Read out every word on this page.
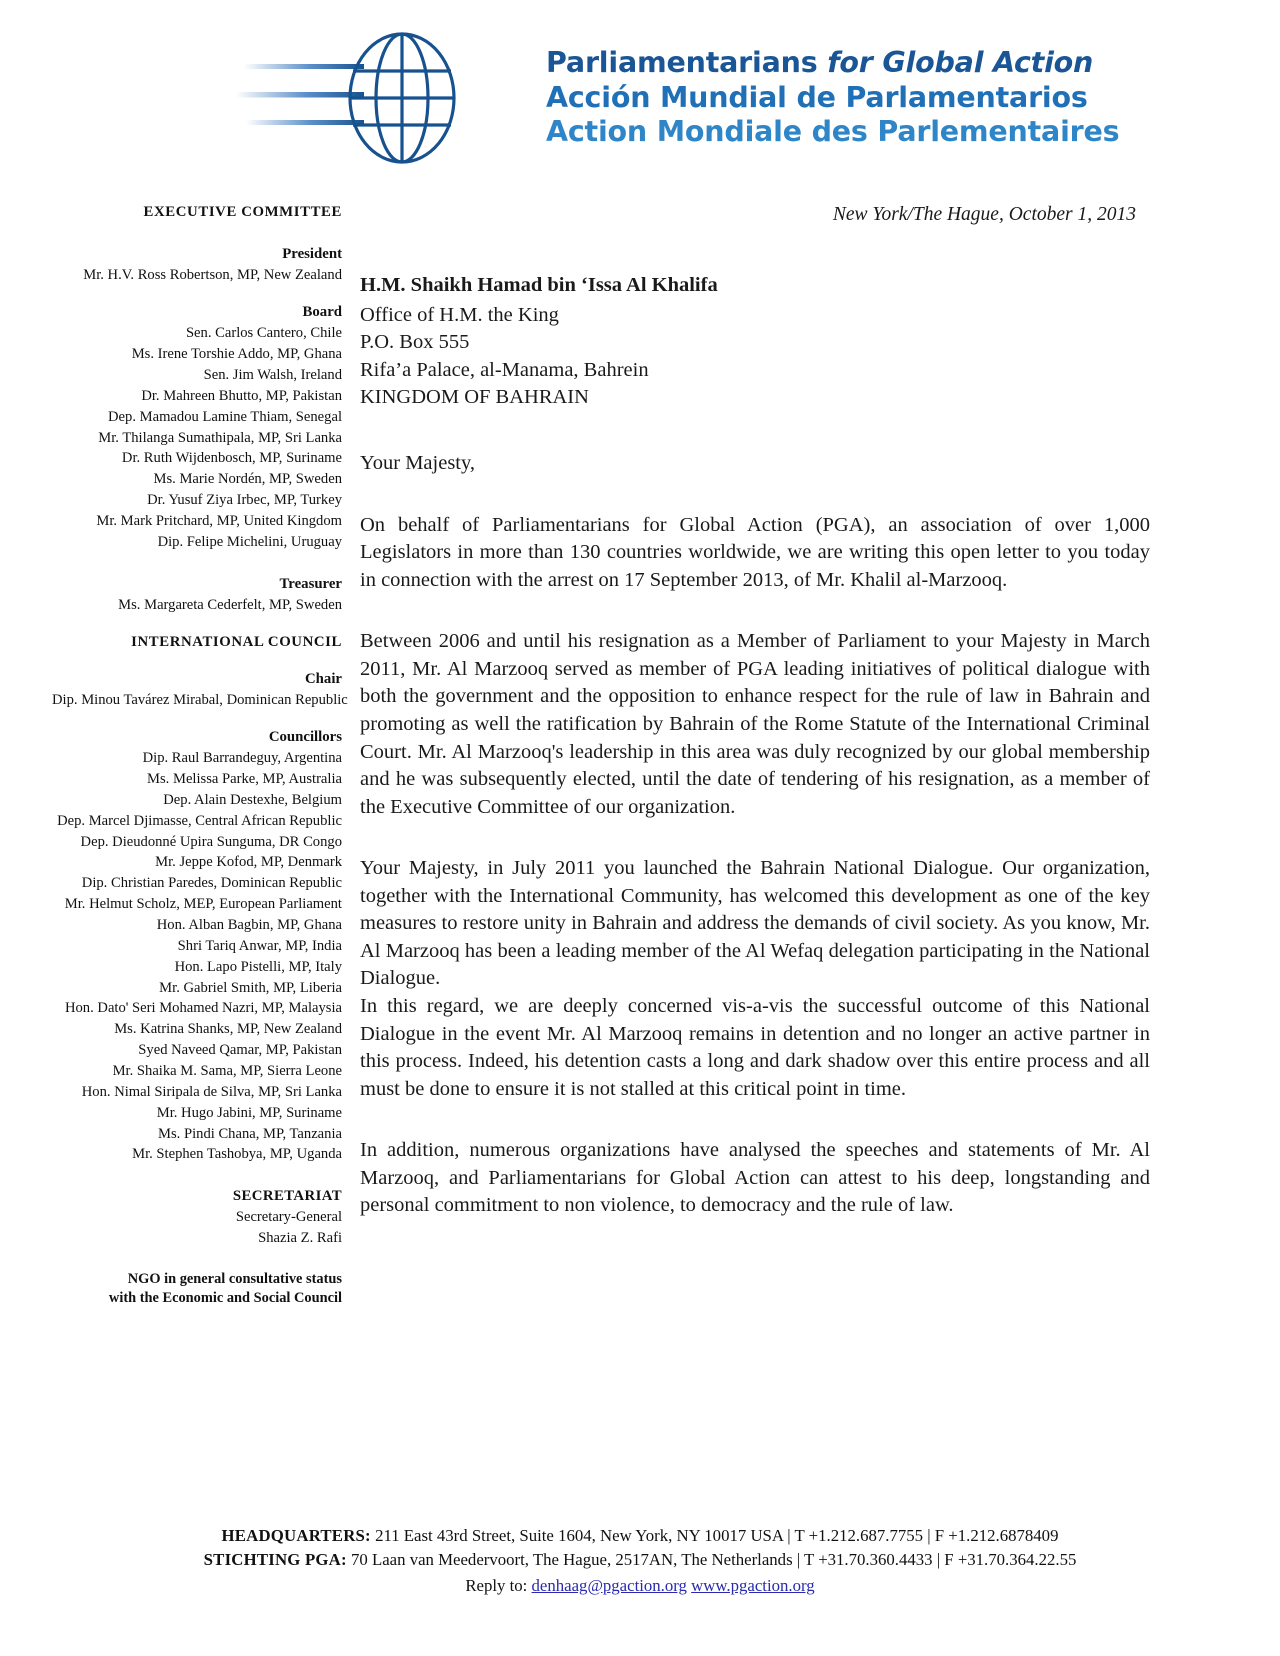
Parliamentarians for Global Action
Acción Mundial de Parlamentarios
Action Mondiale des Parlementaires
EXECUTIVE COMMITTEE
President
Mr. H.V. Ross Robertson, MP, New Zealand
Board
Sen. Carlos Cantero, Chile
Ms. Irene Torshie Addo, MP, Ghana
Sen. Jim Walsh, Ireland
Dr. Mahreen Bhutto, MP, Pakistan
Dep. Mamadou Lamine Thiam, Senegal
Mr. Thilanga Sumathipala, MP, Sri Lanka
Dr. Ruth Wijdenbosch, MP, Suriname
Ms. Marie Nordén, MP, Sweden
Dr. Yusuf Ziya Irbec, MP, Turkey
Mr. Mark Pritchard, MP, United Kingdom
Dip. Felipe Michelini, Uruguay
Treasurer
Ms. Margareta Cederfelt, MP, Sweden
INTERNATIONAL COUNCIL
Chair
Dip. Minou Tavárez Mirabal, Dominican Republic
Councillors
Dip. Raul Barrandeguy, Argentina
Ms. Melissa Parke, MP, Australia
Dep. Alain Destexhe, Belgium
Dep. Marcel Djimasse, Central African Republic
Dep. Dieudonné Upira Sunguma, DR Congo
Mr. Jeppe Kofod, MP, Denmark
Dip. Christian Paredes, Dominican Republic
Mr. Helmut Scholz, MEP, European Parliament
Hon. Alban Bagbin, MP, Ghana
Shri Tariq Anwar, MP, India
Hon. Lapo Pistelli, MP, Italy
Mr. Gabriel Smith, MP, Liberia
Hon. Dato' Seri Mohamed Nazri, MP, Malaysia
Ms. Katrina Shanks, MP, New Zealand
Syed Naveed Qamar, MP, Pakistan
Mr. Shaika M. Sama, MP, Sierra Leone
Hon. Nimal Siripala de Silva, MP, Sri Lanka
Mr. Hugo Jabini, MP, Suriname
Ms. Pindi Chana, MP, Tanzania
Mr. Stephen Tashobya, MP, Uganda
SECRETARIAT
Secretary-General
Shazia Z. Rafi
NGO in general consultative status
with the Economic and Social Council
New York/The Hague, October 1, 2013
H.M. Shaikh Hamad bin ‘Issa Al Khalifa
Office of H.M. the King
P.O. Box 555
Rifa’a Palace, al-Manama, Bahrein
KINGDOM OF BAHRAIN
Your Majesty,
On behalf of Parliamentarians for Global Action (PGA), an association of over 1,000 Legislators in more than 130 countries worldwide, we are writing this open letter to you today in connection with the arrest on 17 September 2013, of Mr. Khalil al-Marzooq.
Between 2006 and until his resignation as a Member of Parliament to your Majesty in March 2011, Mr. Al Marzooq served as member of PGA leading initiatives of political dialogue with both the government and the opposition to enhance respect for the rule of law in Bahrain and promoting as well the ratification by Bahrain of the Rome Statute of the International Criminal Court. Mr. Al Marzooq's leadership in this area was duly recognized by our global membership and he was subsequently elected, until the date of tendering of his resignation, as a member of the Executive Committee of our organization.
Your Majesty, in July 2011 you launched the Bahrain National Dialogue. Our organization, together with the International Community, has welcomed this development as one of the key measures to restore unity in Bahrain and address the demands of civil society. As you know, Mr. Al Marzooq has been a leading member of the Al Wefaq delegation participating in the National Dialogue.
In this regard, we are deeply concerned vis-a-vis the successful outcome of this National Dialogue in the event Mr. Al Marzooq remains in detention and no longer an active partner in this process. Indeed, his detention casts a long and dark shadow over this entire process and all must be done to ensure it is not stalled at this critical point in time.
In addition, numerous organizations have analysed the speeches and statements of Mr. Al Marzooq, and Parliamentarians for Global Action can attest to his deep, longstanding and personal commitment to non violence, to democracy and the rule of law.
HEADQUARTERS: 211 East 43rd Street, Suite 1604, New York, NY 10017 USA | T +1.212.687.7755 | F +1.212.6878409
STICHTING PGA: 70 Laan van Meedervoort, The Hague, 2517AN, The Netherlands | T +31.70.360.4433 | F +31.70.364.22.55
Reply to: denhaag@pgaction.org www.pgaction.org
